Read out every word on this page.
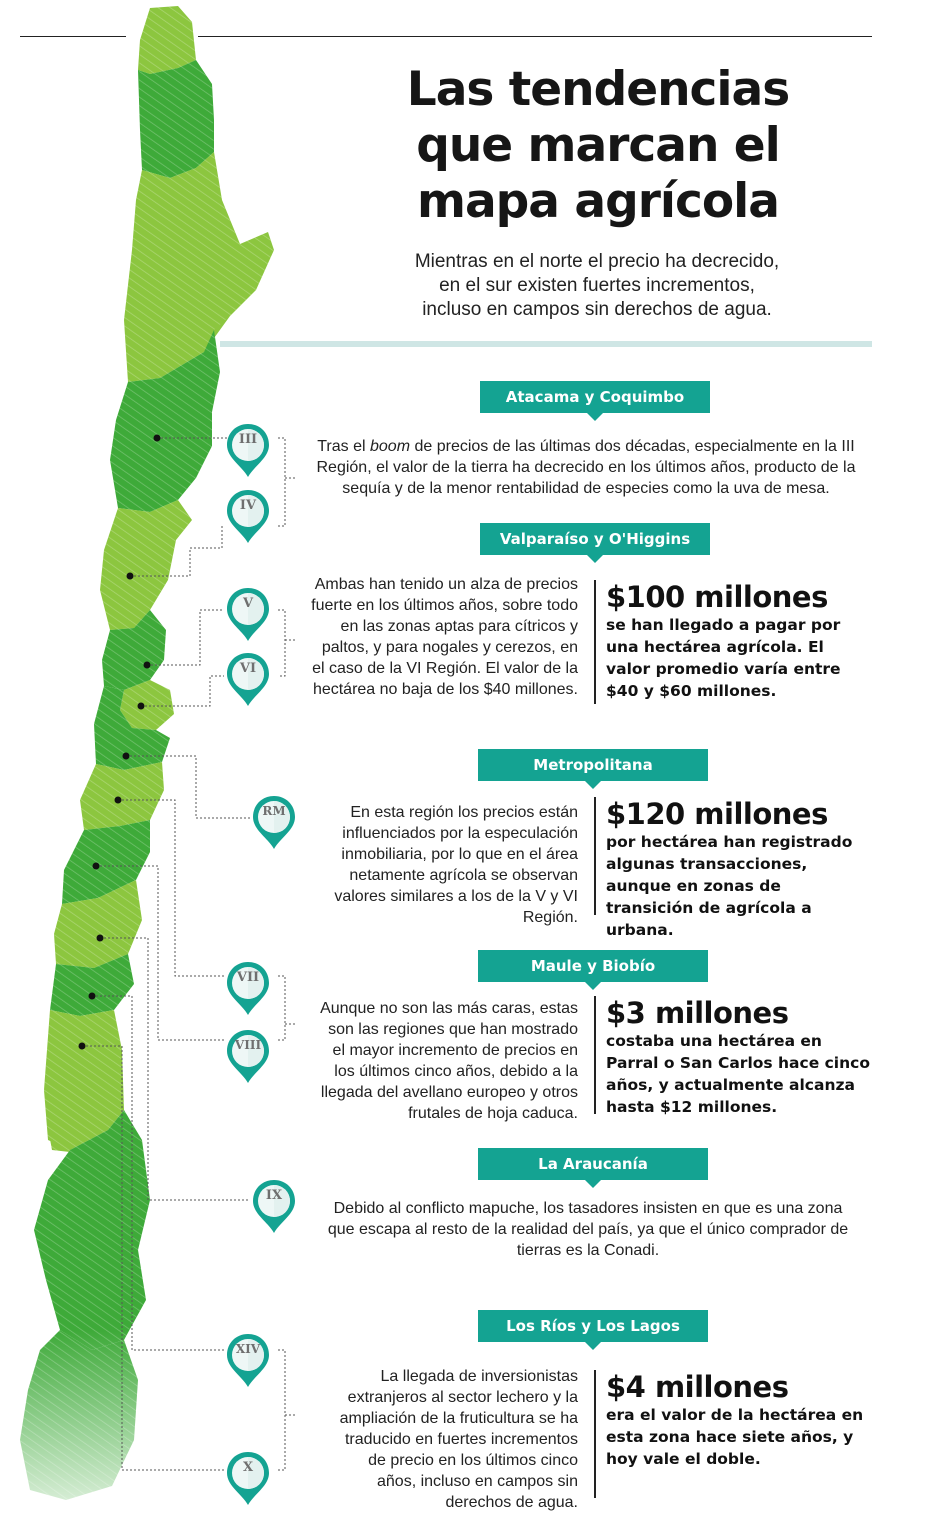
III
IV
V
VI
RM
VII
VIII
IX
XIV
X
Las tendencias
que marcan el
mapa agrícola

Mientras en el norte el precio ha decrecido,
en el sur existen fuertes incrementos,
incluso en campos sin derechos de agua.

Atacama y Coquimbo

Tras el boom de precios de las últimas dos décadas, especialmente en la III Región, el valor de la tierra ha decrecido en los últimos años, producto de la sequía y de la menor rentabilidad de especies como la uva de mesa.

Valparaíso y O'Higgins

Ambas han tenido un alza de precios fuerte en los últimos años, sobre todo en las zonas aptas para cítricos y paltos, y para nogales y cerezos, en el caso de la VI Región. El valor de la hectárea no baja de los $40 millones.

$100 millones
se han llegado a pagar por una hectárea agrícola. El valor promedio varía entre $40 y $60 millones.
Metropolitana

En esta región los precios están influenciados por la especulación inmobiliaria, por lo que en el área netamente agrícola se observan valores similares a los de la V y VI Región.

$120 millones
por hectárea han registrado algunas transacciones, aunque en zonas de transición de agrícola a urbana.
Maule y Biobío

Aunque no son las más caras, estas son las regiones que han mostrado el mayor incremento de precios en los últimos cinco años, debido a la llegada del avellano europeo y otros frutales de hoja caduca.

$3 millones
costaba una hectárea en Parral o San Carlos hace cinco años, y actualmente alcanza hasta $12 millones.
La Araucanía

Debido al conflicto mapuche, los tasadores insisten en que es una zona que escapa al resto de la realidad del país, ya que el único comprador de tierras es la Conadi.

Los Ríos y Los Lagos

La llegada de inversionistas extranjeros al sector lechero y la ampliación de la fruticultura se ha traducido en fuertes incrementos de precio en los últimos cinco años, incluso en campos sin derechos de agua.

$4 millones
era el valor de la hectárea en esta zona hace siete años, y hoy vale el doble.
